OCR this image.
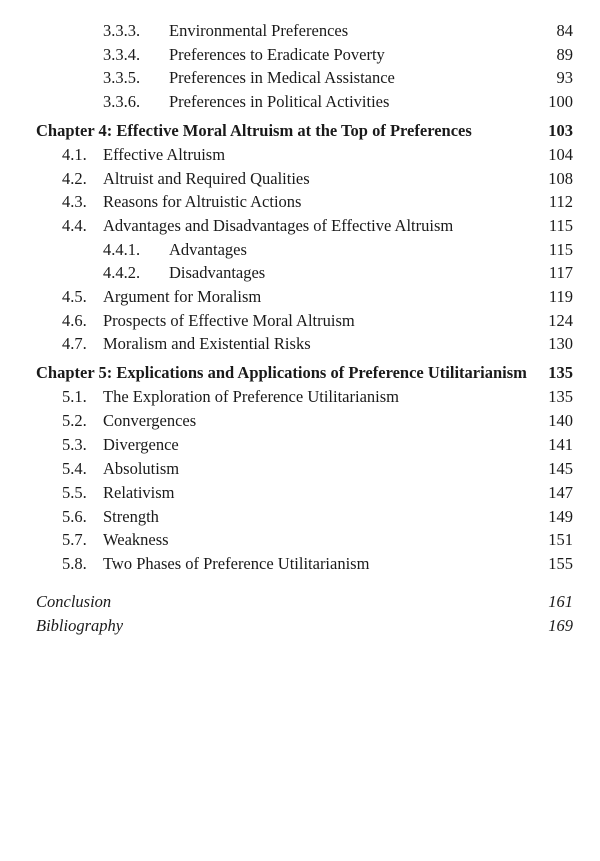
3.3.3. Environmental Preferences	84
3.3.4. Preferences to Eradicate Poverty	89
3.3.5. Preferences in Medical Assistance	93
3.3.6. Preferences in Political Activities	100
Chapter 4: Effective Moral Altruism at the Top of Preferences	103
4.1. Effective Altruism	104
4.2. Altruist and Required Qualities	108
4.3. Reasons for Altruistic Actions	112
4.4. Advantages and Disadvantages of Effective Altruism	115
4.4.1. Advantages	115
4.4.2. Disadvantages	117
4.5. Argument for Moralism	119
4.6. Prospects of Effective Moral Altruism	124
4.7. Moralism and Existential Risks	130
Chapter 5: Explications and Applications of Preference Utilitarianism 135
5.1. The Exploration of Preference Utilitarianism	135
5.2. Convergences	140
5.3. Divergence	141
5.4. Absolutism	145
5.5. Relativism	147
5.6. Strength	149
5.7. Weakness	151
5.8. Two Phases of Preference Utilitarianism	155
Conclusion	161
Bibliography	169
